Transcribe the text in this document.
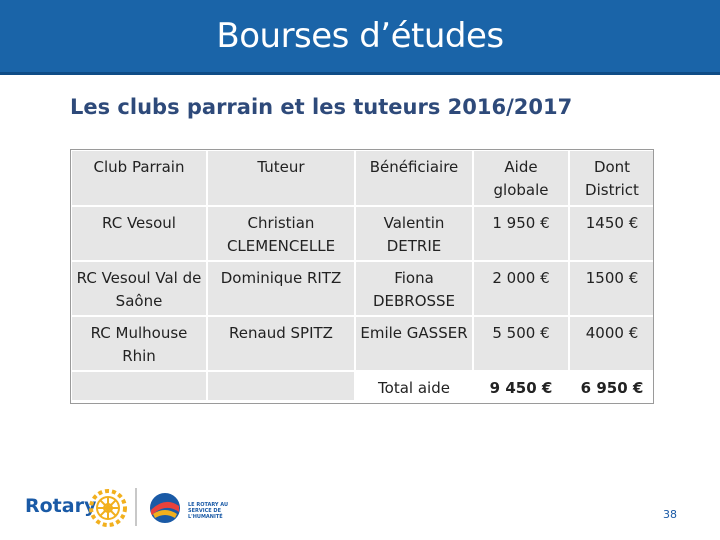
Bourses d’études
Les clubs parrain et les tuteurs 2016/2017
Club Parrain	Tuteur	Bénéficiaire	Aide globale	Dont District
RC Vesoul	Christian CLEMENCELLE	Valentin DETRIE	1 950 €	1450 €
RC Vesoul Val de Saône	Dominique RITZ	Fiona DEBROSSE	2 000 €	1500 €
RC Mulhouse Rhin	Renaud SPITZ	Emile GASSER	5 500 €	4000 €
		Total aide	9 450 €	6 950 €
Rotary	LE ROTARY AU SERVICE DE L'HUMANITÉ	38
